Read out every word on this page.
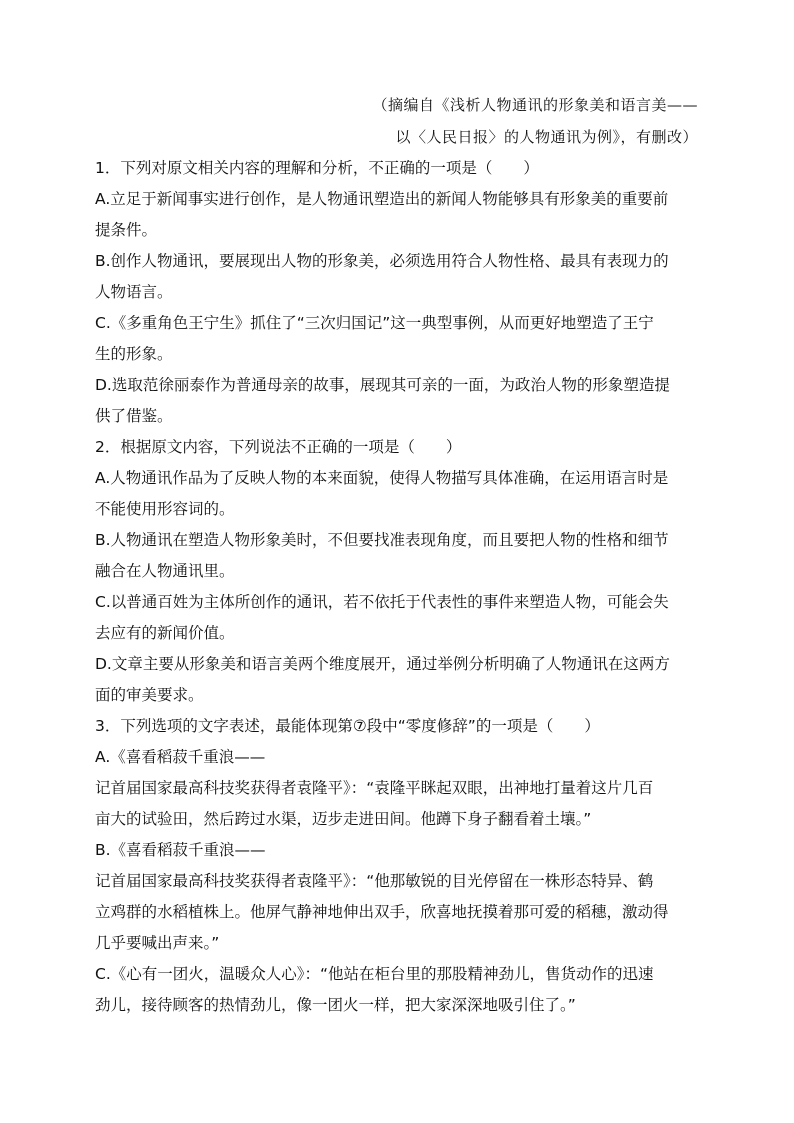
（摘编自《浅析人物通讯的形象美和语言美——
以〈人民日报〉的人物通讯为例》，有删改）
1．下列对原文相关内容的理解和分析，不正确的一项是（　　）
A.立足于新闻事实进行创作，是人物通讯塑造出的新闻人物能够具有形象美的重要前
提条件。
B.创作人物通讯，要展现出人物的形象美，必须选用符合人物性格、最具有表现力的
人物语言。
C.《多重角色王宁生》抓住了“三次归国记”这一典型事例，从而更好地塑造了王宁
生的形象。
D.选取范徐丽泰作为普通母亲的故事，展现其可亲的一面，为政治人物的形象塑造提
供了借鉴。
2．根据原文内容，下列说法不正确的一项是（　　）
A.人物通讯作品为了反映人物的本来面貌，使得人物描写具体准确，在运用语言时是
不能使用形容词的。
B.人物通讯在塑造人物形象美时，不但要找准表现角度，而且要把人物的性格和细节
融合在人物通讯里。
C.以普通百姓为主体所创作的通讯，若不依托于代表性的事件来塑造人物，可能会失
去应有的新闻价值。
D.文章主要从形象美和语言美两个维度展开，通过举例分析明确了人物通讯在这两方
面的审美要求。
3．下列选项的文字表述，最能体现第⑦段中“零度修辞”的一项是（　　）
A.《喜看稻菽千重浪——
记首届国家最高科技奖获得者袁隆平》：“袁隆平眯起双眼，出神地打量着这片几百
亩大的试验田，然后跨过水渠，迈步走进田间。他蹲下身子翻看着土壤。”
B.《喜看稻菽千重浪——
记首届国家最高科技奖获得者袁隆平》：“他那敏锐的目光停留在一株形态特异、鹤
立鸡群的水稻植株上。他屏气静神地伸出双手，欣喜地抚摸着那可爱的稻穗，激动得
几乎要喊出声来。”
C.《心有一团火，温暖众人心》：“他站在柜台里的那股精神劲儿，售货动作的迅速
劲儿，接待顾客的热情劲儿，像一团火一样，把大家深深地吸引住了。”
